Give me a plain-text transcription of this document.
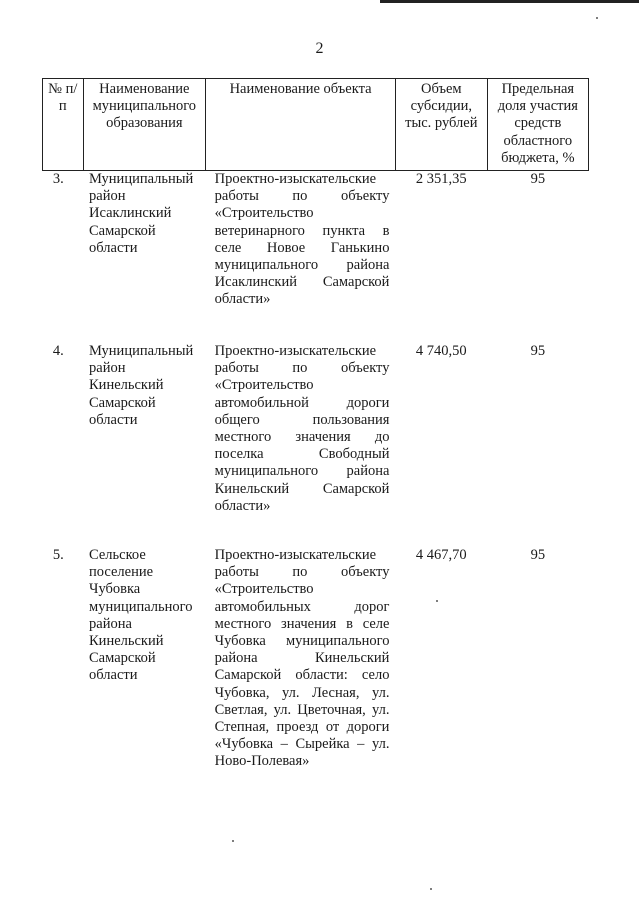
2
№ п/п	Наименование муниципального образования	Наименование объекта	Объем субсидии, тыс. рублей	Предельная доля участия средств областного бюджета, %
3.	Муниципальный район Исаклинский Самарской области	Проектно-изыскательские работы по объекту «Строительство ветеринарного пункта в селе Новое Ганькино муниципального района Исаклинский Самарской области»	2 351,35	95
4.	Муниципальный район Кинельский Самарской области	Проектно-изыскательские работы по объекту «Строительство автомобильной дороги общего пользования местного значения до поселка Свободный муниципального района Кинельский Самарской области»	4 740,50	95
5.	Сельское поселение Чубовка муниципального района Кинельский Самарской области	Проектно-изыскательские работы по объекту «Строительство автомобильных дорог местного значения в селе Чубовка муниципального района Кинельский Самарской области: село Чубовка, ул. Лесная, ул. Светлая, ул. Цветочная, ул. Степная, проезд от дороги «Чубовка – Сырейка – ул. Ново-Полевая»	4 467,70	95
